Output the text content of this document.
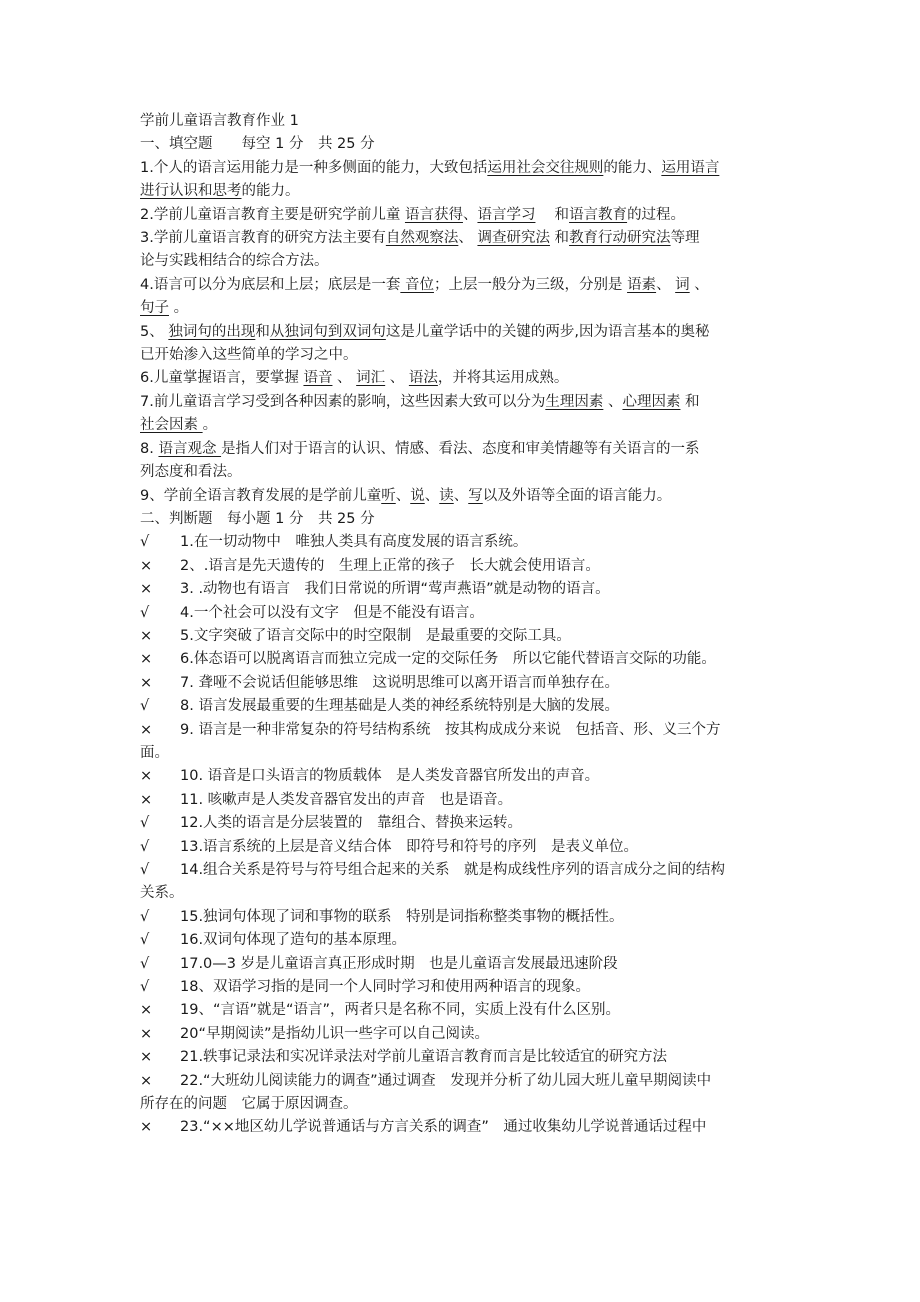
学前儿童语言教育作业 1
一、填空题　　每空 1 分　共 25 分
1.个人的语言运用能力是一种多侧面的能力，大致包括运用社会交往规则的能力、运用语言
进行认识和思考的能力。
2.学前儿童语言教育主要是研究学前儿童 语言获得、语言学习　 和语言教育的过程。
3.学前儿童语言教育的研究方法主要有自然观察法、 调查研究法 和教育行动研究法等理
论与实践相结合的综合方法。
4.语言可以分为底层和上层；底层是一套 音位；上层一般分为三级，分别是 语素、 词 、
句子 。
5、 独词句的出现和从独词句到双词句这是儿童学话中的关键的两步,因为语言基本的奥秘
已开始渗入这些简单的学习之中。
6.儿童掌握语言，要掌握 语音 、 词汇 、 语法，并将其运用成熟。
7.前儿童语言学习受到各种因素的影响，这些因素大致可以分为生理因素 、心理因素 和
社会因素 。
8. 语言观念 是指人们对于语言的认识、情感、看法、态度和审美情趣等有关语言的一系
列态度和看法。
9、学前全语言教育发展的是学前儿童听、说、读、写以及外语等全面的语言能力。
二、判断题　每小题 1 分　共 25 分
√ 1.在一切动物中　唯独人类具有高度发展的语言系统。
× 2、.语言是先天遗传的　生理上正常的孩子　长大就会使用语言。
× 3. .动物也有语言　我们日常说的所谓“莺声燕语”就是动物的语言。
√ 4.一个社会可以没有文字　但是不能没有语言。
× 5.文字突破了语言交际中的时空限制　是最重要的交际工具。
× 6.体态语可以脱离语言而独立完成一定的交际任务　所以它能代替语言交际的功能。
× 7. 聋哑不会说话但能够思维　这说明思维可以离开语言而单独存在。
√ 8. 语言发展最重要的生理基础是人类的神经系统特别是大脑的发展。
× 9. 语言是一种非常复杂的符号结构系统　按其构成成分来说　包括音、形、义三个方
面。
× 10. 语音是口头语言的物质载体　是人类发音器官所发出的声音。
× 11. 咳嗽声是人类发音器官发出的声音　也是语音。
√ 12.人类的语言是分层装置的　靠组合、替换来运转。
√ 13.语言系统的上层是音义结合体　即符号和符号的序列　是表义单位。
√ 14.组合关系是符号与符号组合起来的关系　就是构成线性序列的语言成分之间的结构
关系。
√ 15.独词句体现了词和事物的联系　特别是词指称整类事物的概括性。
√ 16.双词句体现了造句的基本原理。
√ 17.0—3 岁是儿童语言真正形成时期　也是儿童语言发展最迅速阶段
√ 18、双语学习指的是同一个人同时学习和使用两种语言的现象。
× 19、“言语”就是“语言”，两者只是名称不同，实质上没有什么区别。
× 20“早期阅读”是指幼儿识一些字可以自己阅读。
× 21.轶事记录法和实况详录法对学前儿童语言教育而言是比较适宜的研究方法
× 22.“大班幼儿阅读能力的调查”通过调查　发现并分析了幼儿园大班儿童早期阅读中
所存在的问题　它属于原因调查。
× 23.“××地区幼儿学说普通话与方言关系的调查”　通过收集幼儿学说普通话过程中
